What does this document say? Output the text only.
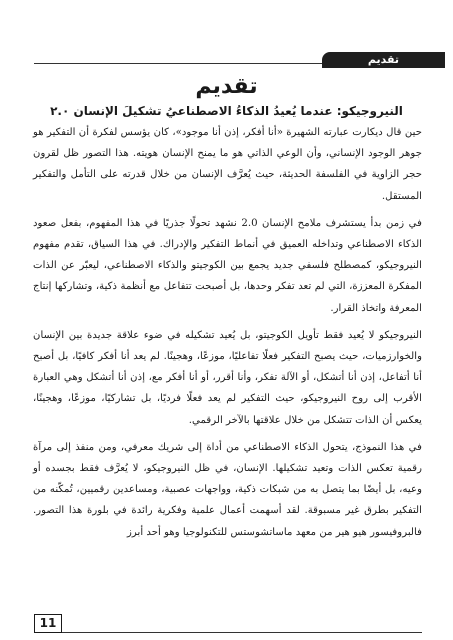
تقديم
تقديم
النيروجيكو: عندما يُعيدُ الذكاءُ الاصطناعيُ تشكيلَ الإنسان ٢.٠

حين قال ديكارت عبارته الشهيرة «أنا أفكر، إذن أنا موجود»، كان يؤسس لفكرة أن التفكير هو جوهر الوجود الإنساني، وأن الوعي الذاتي هو ما يمنح الإنسان هويته. هذا التصور ظل لقرون حجر الزاوية في الفلسفة الحديثة، حيث يُعرَّف الإنسان من خلال قدرته على التأمل والتفكير المستقل.

في زمن بدأ يستشرف ملامح الإنسان 2.0 نشهد تحولًا جذريًا في هذا المفهوم، بفعل صعود الذكاء الاصطناعي وتداخله العميق في أنماط التفكير والإدراك. في هذا السياق، تقدم مفهوم النيروجيكو، كمصطلح فلسفي جديد يجمع بين الكوجيتو والذكاء الاصطناعي، ليعبّر عن الذات المفكرة المعززة، التي لم تعد تفكر وحدها، بل أصبحت تتفاعل مع أنظمة ذكية، وتشاركها إنتاج المعرفة واتخاذ القرار.

النيروجيكو لا يُعيد فقط تأويل الكوجيتو، بل يُعيد تشكيله في ضوء علاقة جديدة بين الإنسان والخوارزميات، حيث يصبح التفكير فعلًا تفاعليًا، موزعًا، وهجينًا. لم يعد أنا أفكر كافيًا، بل أصبح أنا أتفاعل، إذن أنا أتشكل، أو الآلة تفكر، وأنا أقرر، أو أنا أفكر مع، إذن أنا أتشكل وهي العبارة الأقرب إلى روح النيروجيكو، حيث التفكير لم يعد فعلًا فرديًا، بل تشاركيًا، موزعًا، وهجينًا، يعكس أن الذات تتشكل من خلال علاقتها بالآخر الرقمي.

في هذا النموذج، يتحول الذكاء الاصطناعي من أداة إلى شريك معرفي، ومن منفذ إلى مرآة رقمية تعكس الذات وتعيد تشكيلها. الإنسان، في ظل النيروجيكو، لا يُعرَّف فقط بجسده أو وعيه، بل أيضًا بما يتصل به من شبكات ذكية، وواجهات عصبية، ومساعدين رقميين، تُمكّنه من التفكير بطرق غير مسبوقة. لقد أسهمت أعمال علمية وفكرية رائدة في بلورة هذا التصور. فالبروفيسور هيو هير من معهد ماساتشوستس للتكنولوجيا وهو أحد أبرز

11
